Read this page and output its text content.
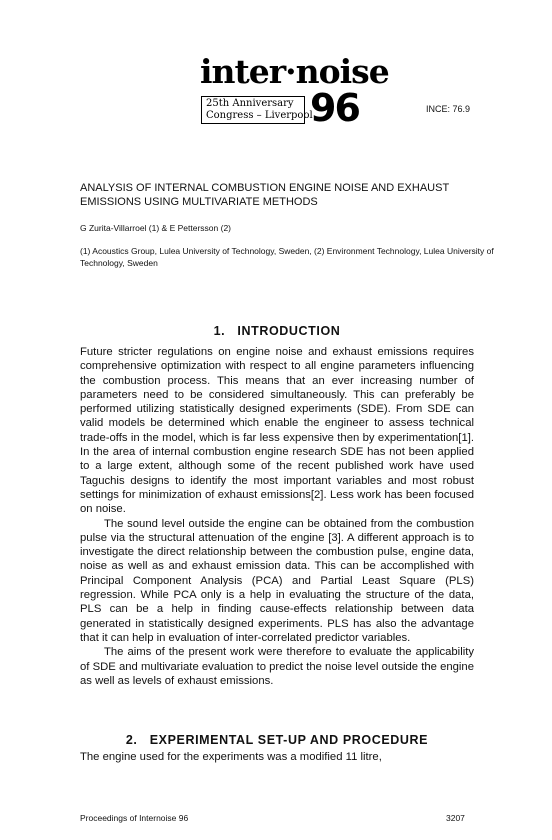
inter·noise
25th Anniversary
Congress – Liverpool
96	INCE: 76.9
ANALYSIS OF INTERNAL COMBUSTION ENGINE NOISE AND EXHAUST EMISSIONS USING MULTIVARIATE METHODS
G Zurita-Villarroel (1) & E Pettersson (2)
(1) Acoustics Group, Lulea University of Technology, Sweden, (2) Environment Technology, Lulea University of Technology, Sweden
1.   INTRODUCTION

Future stricter regulations on engine noise and exhaust emissions requires comprehensive optimization with respect to all engine parameters influencing the combustion process. This means that an ever increasing number of parameters need to be considered simultaneously. This can preferably be performed utilizing statistically designed experiments (SDE). From SDE can valid models be determined which enable the engineer to assess technical trade-offs in the model, which is far less expensive then by experimentation[1]. In the area of internal combustion engine research SDE has not been applied to a large extent, although some of the recent published work have used Taguchis designs to identify the most important variables and most robust settings for minimization of exhaust emissions[2]. Less work has been focused on noise.

The sound level outside the engine can be obtained from the combustion pulse via the structural attenuation of the engine [3]. A different approach is to investigate the direct relationship between the combustion pulse, engine data, noise as well as and exhaust emission data. This can be accomplished with Principal Component Analysis (PCA) and Partial Least Square (PLS) regression. While PCA only is a help in evaluating the structure of the data, PLS can be a help in finding cause-effects relationship between data generated in statistically designed experiments. PLS has also the advantage that it can help in evaluation of inter-correlated predictor variables.

The aims of the present work were therefore to evaluate the applicability of SDE and multivariate evaluation to predict the noise level outside the engine as well as levels of exhaust emissions.

2.   EXPERIMENTAL SET-UP AND PROCEDURE

The engine used for the experiments was a modified 11 litre,

Proceedings of Internoise 96	3207
